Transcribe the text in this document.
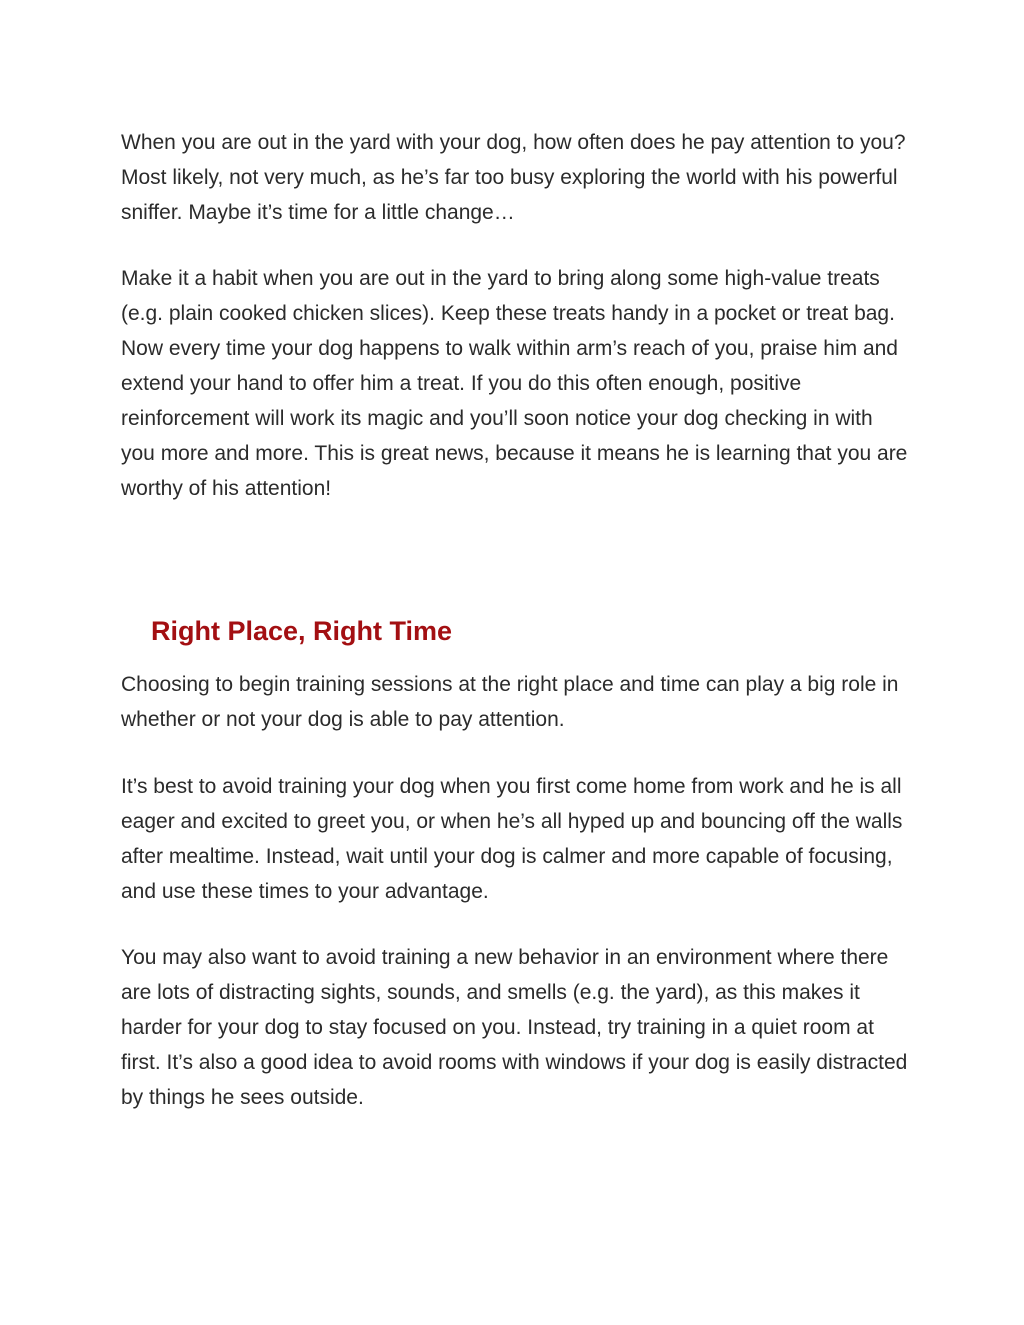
When you are out in the yard with your dog, how often does he pay attention to you? Most likely, not very much, as he’s far too busy exploring the world with his powerful sniffer. Maybe it’s time for a little change…

Make it a habit when you are out in the yard to bring along some high-value treats (e.g. plain cooked chicken slices). Keep these treats handy in a pocket or treat bag. Now every time your dog happens to walk within arm’s reach of you, praise him and extend your hand to offer him a treat. If you do this often enough, positive reinforcement will work its magic and you’ll soon notice your dog checking in with you more and more. This is great news, because it means he is learning that you are worthy of his attention!

Right Place, Right Time

Choosing to begin training sessions at the right place and time can play a big role in whether or not your dog is able to pay attention.

It’s best to avoid training your dog when you first come home from work and he is all eager and excited to greet you, or when he’s all hyped up and bouncing off the walls after mealtime. Instead, wait until your dog is calmer and more capable of focusing, and use these times to your advantage.

You may also want to avoid training a new behavior in an environment where there are lots of distracting sights, sounds, and smells (e.g. the yard), as this makes it harder for your dog to stay focused on you. Instead, try training in a quiet room at first. It’s also a good idea to avoid rooms with windows if your dog is easily distracted by things he sees outside.
